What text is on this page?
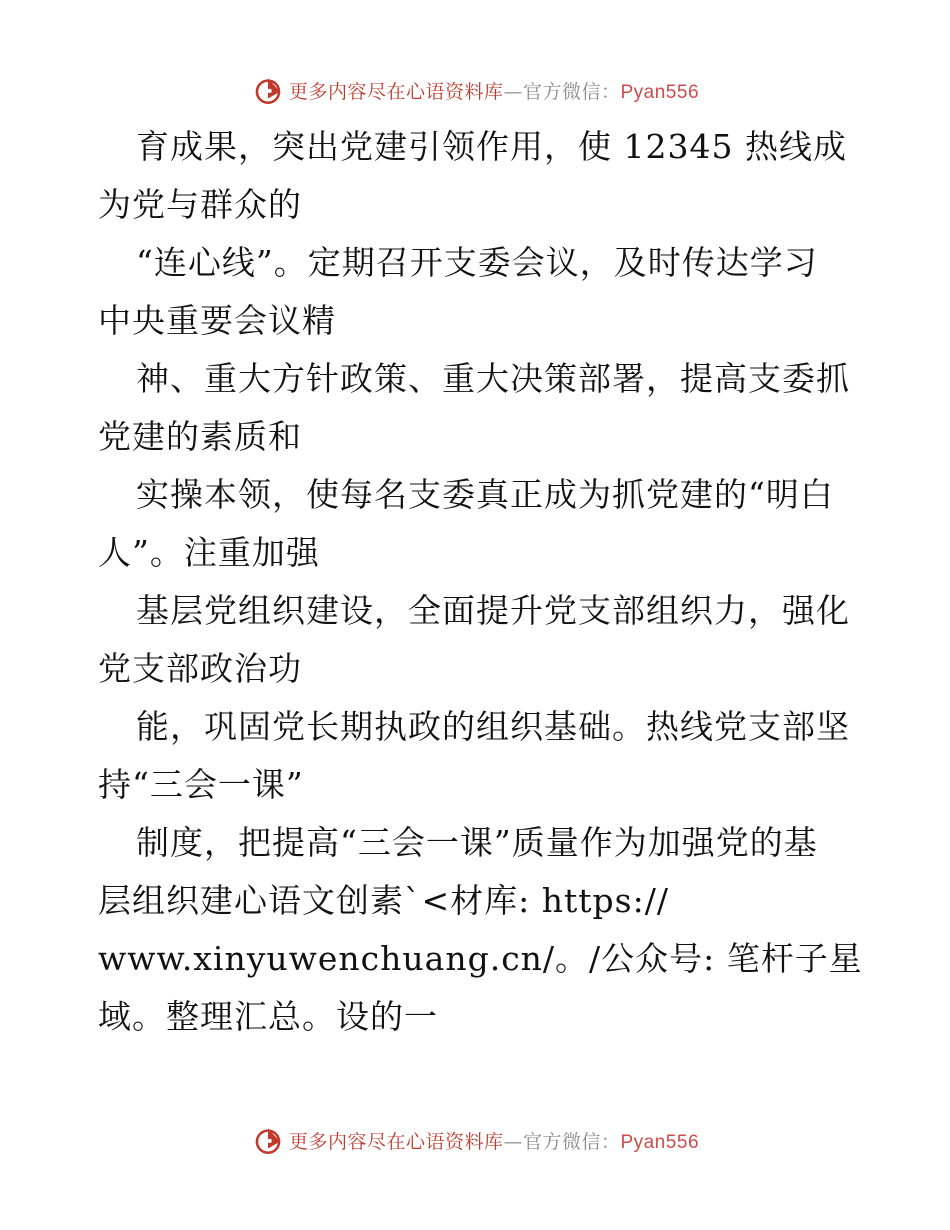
更多内容尽在心语资料库—官方微信：Pyan556
育成果，突出党建引领作用，使 12345 热线成
为党与群众的
“连心线”。定期召开支委会议，及时传达学习
中央重要会议精
神、重大方针政策、重大决策部署，提高支委抓
党建的素质和
实操本领，使每名支委真正成为抓党建的“明白
人”。注重加强
基层党组织建设，全面提升党支部组织力，强化
党支部政治功
能，巩固党长期执政的组织基础。热线党支部坚
持“三会一课”
制度，把提高“三会一课”质量作为加强党的基
层组织建心语文创素`<材库: https://
www.xinyuwenchuang.cn/。/公众号: 笔杆子星
域。整理汇总。设的一
更多内容尽在心语资料库—官方微信：Pyan556
